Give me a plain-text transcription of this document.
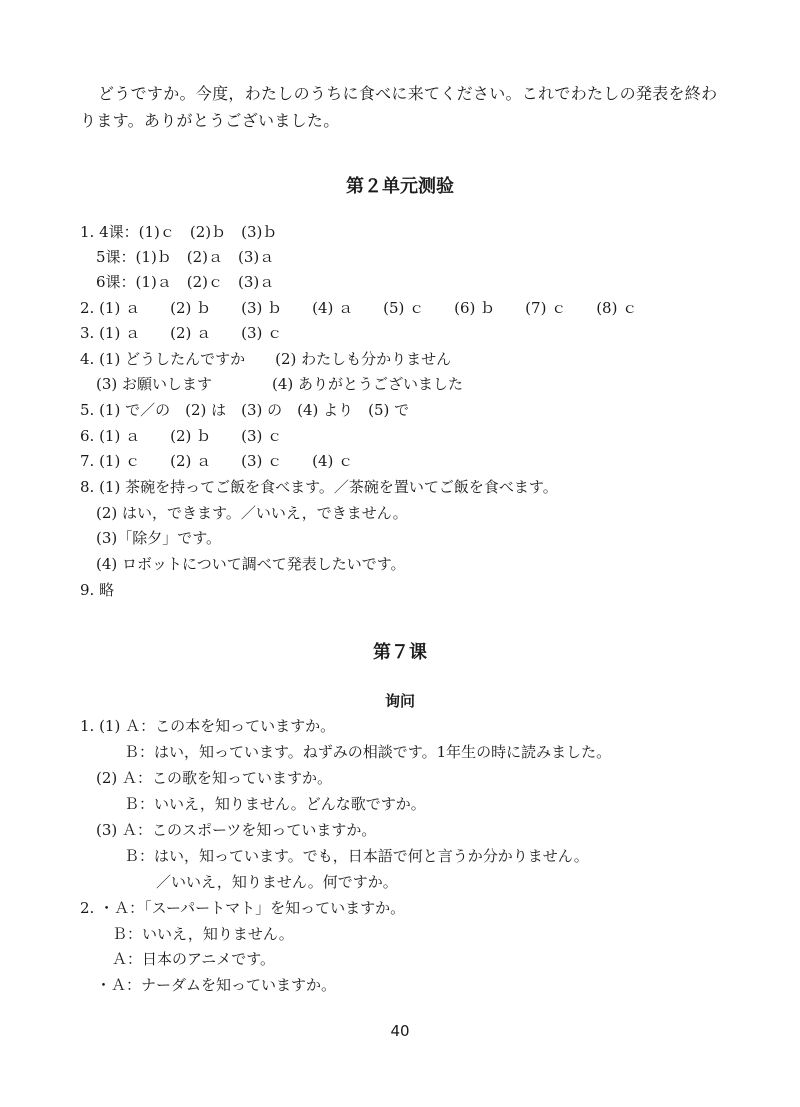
どうですか。今度，わたしのうちに食べに来てください。これでわたしの発表を終わります。ありがとうございました。
第２单元测验
1. 4课：(1)ｃ　(2)ｂ　(3)ｂ
5课：(1)ｂ　(2)ａ　(3)ａ
6课：(1)ａ　(2)ｃ　(3)ａ
2. (1) ａ　　(2) ｂ　　(3) ｂ　　(4) ａ　　(5) ｃ　　(6) ｂ　　(7) ｃ　　(8) ｃ
3. (1) ａ　　(2) ａ　　(3) ｃ
4. (1) どうしたんですか　　(2) わたしも分かりません
(3) お願いします　　　　(4) ありがとうございました
5. (1) で／の　(2) は　(3) の　(4) より　(5) で
6. (1) ａ　　(2) ｂ　　(3) ｃ
7. (1) ｃ　　(2) ａ　　(3) ｃ　　(4) ｃ
8. (1) 茶碗を持ってご飯を食べます。／茶碗を置いてご飯を食べます。
(2) はい，できます。／いいえ，できません。
(3)「除夕」です。
(4) ロボットについて調べて発表したいです。
9. 略
第７课
询问
1. (1) Ａ：この本を知っていますか。
Ｂ：はい，知っています。ねずみの相談です。1年生の時に読みました。
(2) Ａ：この歌を知っていますか。
Ｂ：いいえ，知りません。どんな歌ですか。
(3) Ａ：このスポーツを知っていますか。
Ｂ：はい，知っています。でも，日本語で何と言うか分かりません。
／いいえ，知りません。何ですか。
2. ・Ａ：「スーパートマト」を知っていますか。
Ｂ：いいえ，知りません。
Ａ：日本のアニメです。
・Ａ：ナーダムを知っていますか。
40
